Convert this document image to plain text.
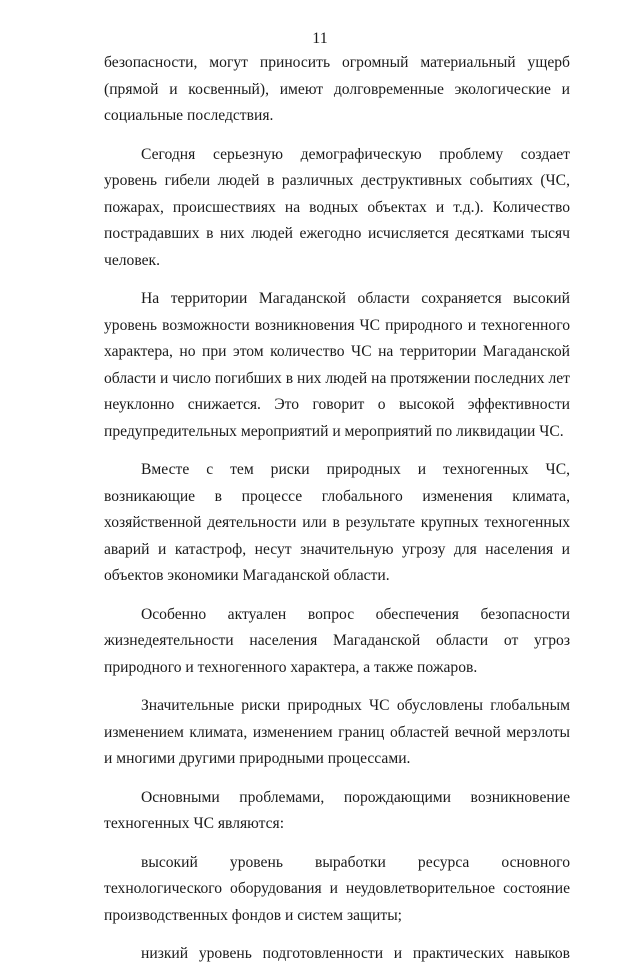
11

безопасности, могут приносить огромный материальный ущерб (прямой и косвенный), имеют долговременные экологические и социальные последствия.

Сегодня серьезную демографическую проблему создает уровень гибели людей в различных деструктивных событиях (ЧС, пожарах, происшествиях на водных объектах и т.д.). Количество пострадавших в них людей ежегодно исчисляется десятками тысяч человек.

На территории Магаданской области сохраняется высокий уровень возможности возникновения ЧС природного и техногенного характера, но при этом количество ЧС на территории Магаданской области и число погибших в них людей на протяжении последних лет неуклонно снижается. Это говорит о высокой эффективности предупредительных мероприятий и мероприятий по ликвидации ЧС.

Вместе с тем риски природных и техногенных ЧС, возникающие в процессе глобального изменения климата, хозяйственной деятельности или в результате крупных техногенных аварий и катастроф, несут значительную угрозу для населения и объектов экономики Магаданской области.

Особенно актуален вопрос обеспечения безопасности жизнедеятельности населения Магаданской области от угроз природного и техногенного характера, а также пожаров.

Значительные риски природных ЧС обусловлены глобальным изменением климата, изменением границ областей вечной мерзлоты и многими другими природными процессами.

Основными проблемами, порождающими возникновение техногенных ЧС являются:

высокий уровень выработки ресурса основного технологического оборудования и неудовлетворительное состояние производственных фондов и систем защиты;

низкий уровень подготовленности и практических навыков
